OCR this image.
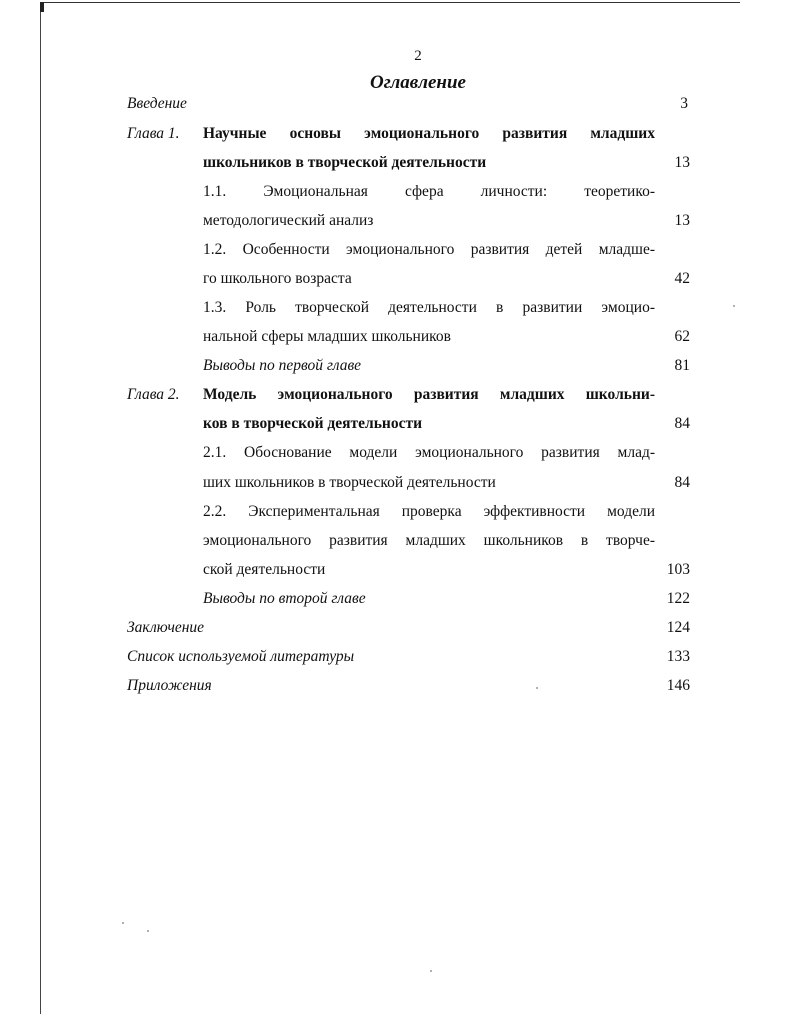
2
Оглавление
Введение	3
Глава 1. Научные основы эмоционального развития младших
школьников в творческой деятельности	13
1.1. Эмоциональная сфера личности: теоретико-
методологический анализ	13
1.2. Особенности эмоционального развития детей младше-
го школьного возраста	42
1.3. Роль творческой деятельности в развитии эмоцио-
нальной сферы младших школьников	62
Выводы по первой главе	81
Глава 2. Модель эмоционального развития младших школьни-
ков в творческой деятельности	84
2.1. Обоснование модели эмоционального развития млад-
ших школьников в творческой деятельности	84
2.2. Экспериментальная проверка эффективности модели
эмоционального развития младших школьников в творче-
ской деятельности	103
Выводы по второй главе	122
Заключение	124
Список используемой литературы	133
Приложения	146
